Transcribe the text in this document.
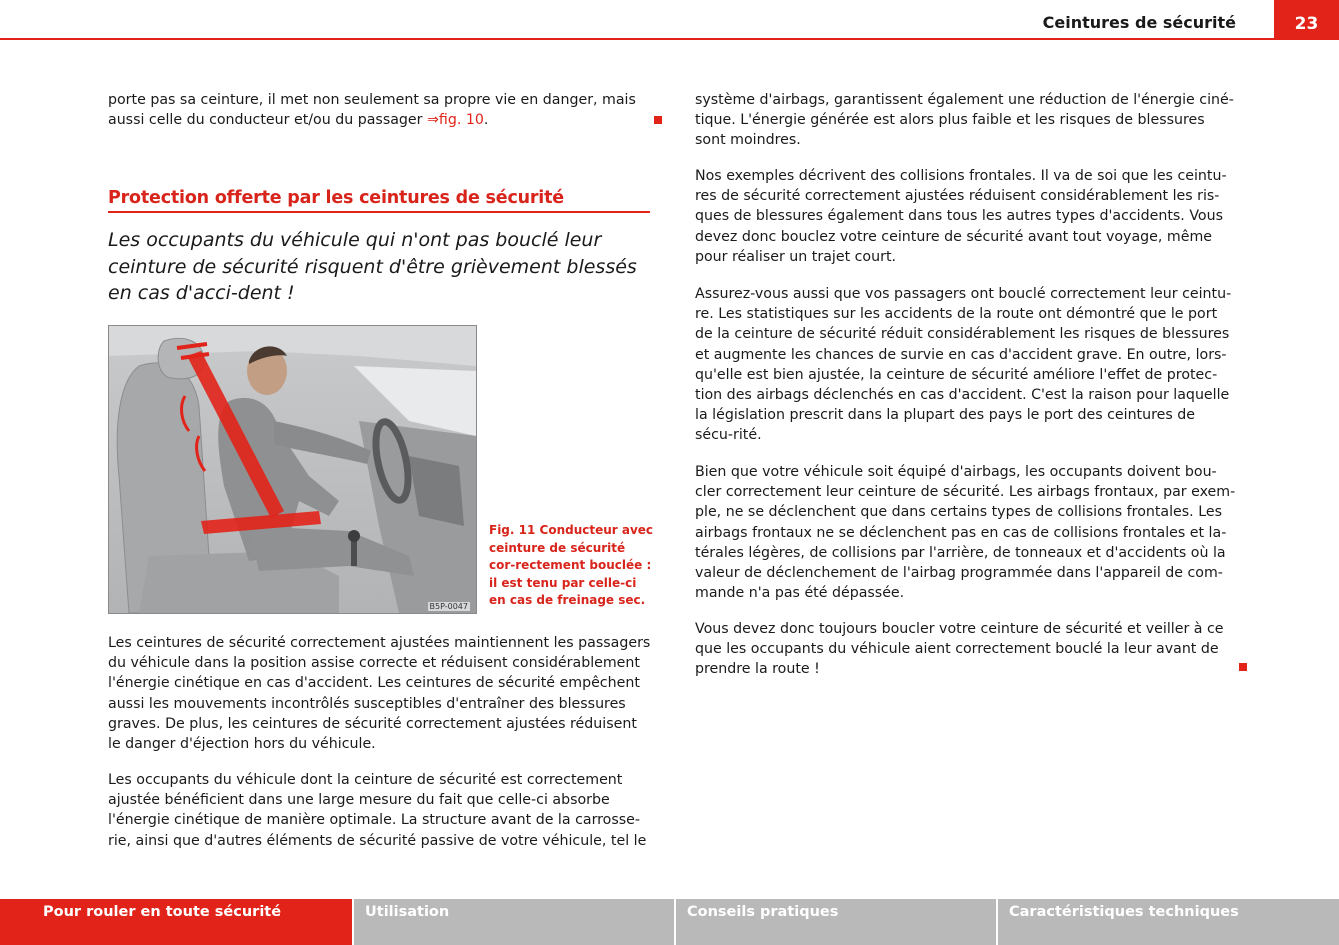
Ceintures de sécurité	23

porte pas sa ceinture, il met non seulement sa propre vie en danger, mais aussi celle du conducteur et/ou du passager ⇒fig. 10.

Protection offerte par les ceintures de sécurité

Les occupants du véhicule qui n'ont pas bouclé leur ceinture de sécurité risquent d'être grièvement blessés en cas d'acci-dent !

B5P-0047

Fig. 11 Conducteur avec ceinture de sécurité cor-rectement bouclée : il est tenu par celle-ci en cas de freinage sec.

Les ceintures de sécurité correctement ajustées maintiennent les passagers du véhicule dans la position assise correcte et réduisent considérablement l'énergie cinétique en cas d'accident. Les ceintures de sécurité empêchent aussi les mouvements incontrôlés susceptibles d'entraîner des blessures graves. De plus, les ceintures de sécurité correctement ajustées réduisent le danger d'éjection hors du véhicule.

Les occupants du véhicule dont la ceinture de sécurité est correctement ajustée bénéficient dans une large mesure du fait que celle-ci absorbe l'énergie cinétique de manière optimale. La structure avant de la carrosse-rie, ainsi que d'autres éléments de sécurité passive de votre véhicule, tel le

système d'airbags, garantissent également une réduction de l'énergie ciné-tique. L'énergie générée est alors plus faible et les risques de blessures sont moindres.

Nos exemples décrivent des collisions frontales. Il va de soi que les ceintu-res de sécurité correctement ajustées réduisent considérablement les ris-ques de blessures également dans tous les autres types d'accidents. Vous devez donc bouclez votre ceinture de sécurité avant tout voyage, même pour réaliser un trajet court.

Assurez-vous aussi que vos passagers ont bouclé correctement leur ceintu-re. Les statistiques sur les accidents de la route ont démontré que le port de la ceinture de sécurité réduit considérablement les risques de blessures et augmente les chances de survie en cas d'accident grave. En outre, lors-qu'elle est bien ajustée, la ceinture de sécurité améliore l'effet de protec-tion des airbags déclenchés en cas d'accident. C'est la raison pour laquelle la législation prescrit dans la plupart des pays le port des ceintures de sécu-rité.

Bien que votre véhicule soit équipé d'airbags, les occupants doivent bou-cler correctement leur ceinture de sécurité. Les airbags frontaux, par exem-ple, ne se déclenchent que dans certains types de collisions frontales. Les airbags frontaux ne se déclenchent pas en cas de collisions frontales et la-térales légères, de collisions par l'arrière, de tonneaux et d'accidents où la valeur de déclenchement de l'airbag programmée dans l'appareil de com-mande n'a pas été dépassée.

Vous devez donc toujours boucler votre ceinture de sécurité et veiller à ce que les occupants du véhicule aient correctement bouclé la leur avant de prendre la route !

Pour rouler en toute sécurité	Utilisation	Conseils pratiques	Caractéristiques techniques
